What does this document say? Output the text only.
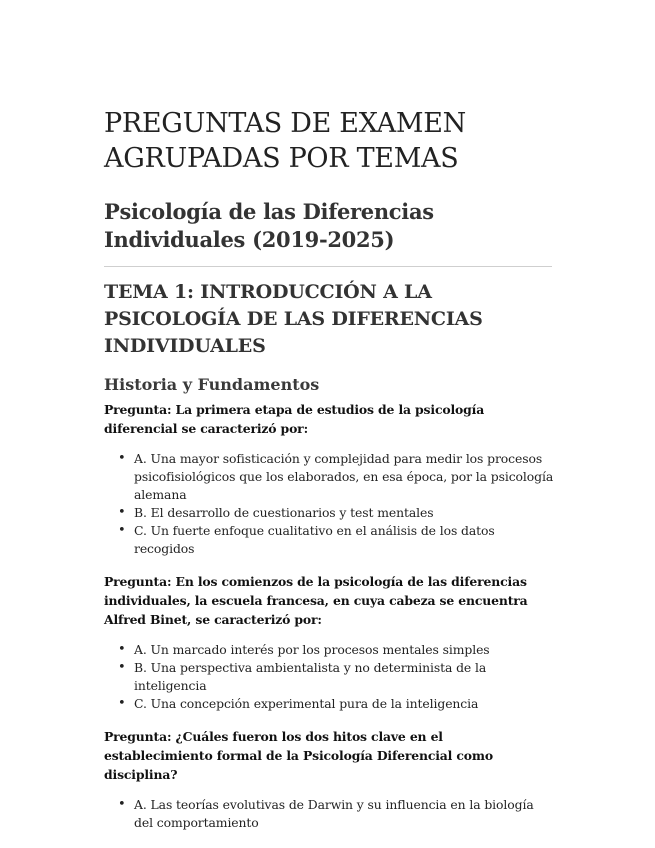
PREGUNTAS DE EXAMEN AGRUPADAS POR TEMAS
Psicología de las Diferencias Individuales (2019-2025)
TEMA 1: INTRODUCCIÓN A LA PSICOLOGÍA DE LAS DIFERENCIAS INDIVIDUALES
Historia y Fundamentos

Pregunta: La primera etapa de estudios de la psicología diferencial se caracterizó por:

• A. Una mayor sofisticación y complejidad para medir los procesos psicofisiológicos que los elaborados, en esa época, por la psicología alemana
• B. El desarrollo de cuestionarios y test mentales
• C. Un fuerte enfoque cualitativo en el análisis de los datos recogidos

Pregunta: En los comienzos de la psicología de las diferencias individuales, la escuela francesa, en cuya cabeza se encuentra Alfred Binet, se caracterizó por:

• A. Un marcado interés por los procesos mentales simples
• B. Una perspectiva ambientalista y no determinista de la inteligencia
• C. Una concepción experimental pura de la inteligencia

Pregunta: ¿Cuáles fueron los dos hitos clave en el establecimiento formal de la Psicología Diferencial como disciplina?

• A. Las teorías evolutivas de Darwin y su influencia en la biología del comportamiento
